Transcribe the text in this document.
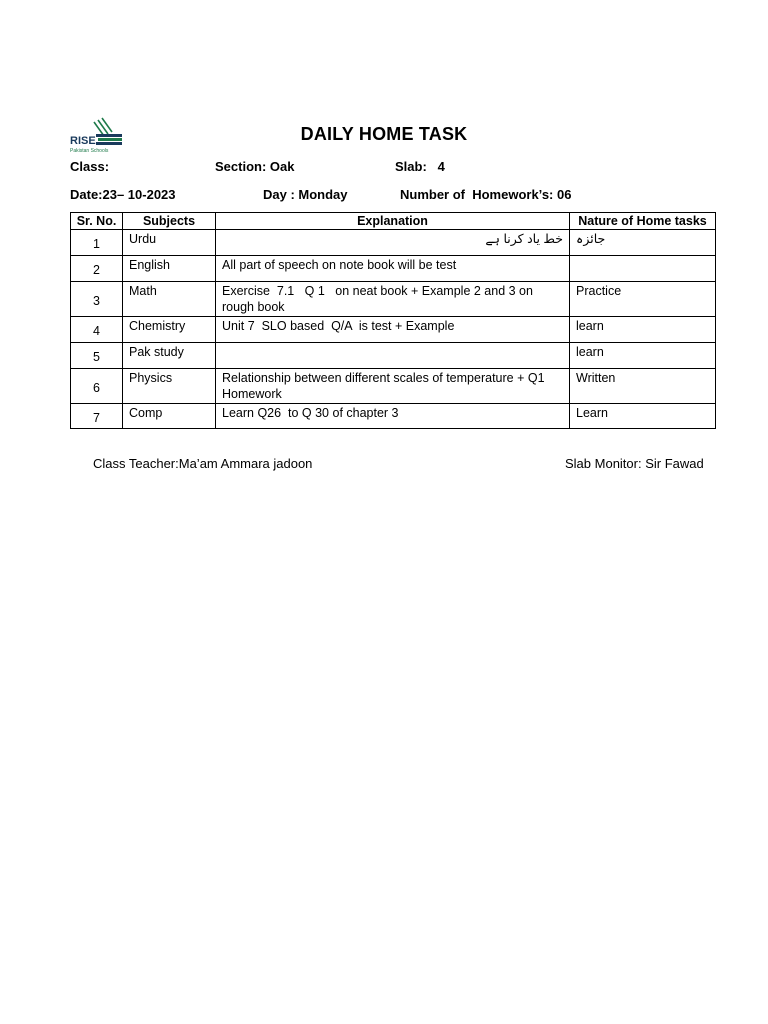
RISE
Pakistan Schools
DAILY HOME TASK
Class:	Section: Oak	Slab:   4
Date:23– 10-2023	Day : Monday	Number of  Homework’s: 06
Sr. No.	Subjects	Explanation	Nature of Home tasks
1	Urdu	خط یاد کرنا ہے	جائزہ
2	English	All part of speech on note book will be test	
3	Math	Exercise  7.1   Q 1   on neat book + Example 2 and 3 on rough book	Practice
4	Chemistry	Unit 7  SLO based  Q/A  is test + Example	learn
5	Pak study		learn
6	Physics	Relationship between different scales of temperature + Q1 Homework	Written
7	Comp	Learn Q26  to Q 30 of chapter 3	Learn
Class Teacher:Ma’am Ammara jadoon	Slab Monitor: Sir Fawad
